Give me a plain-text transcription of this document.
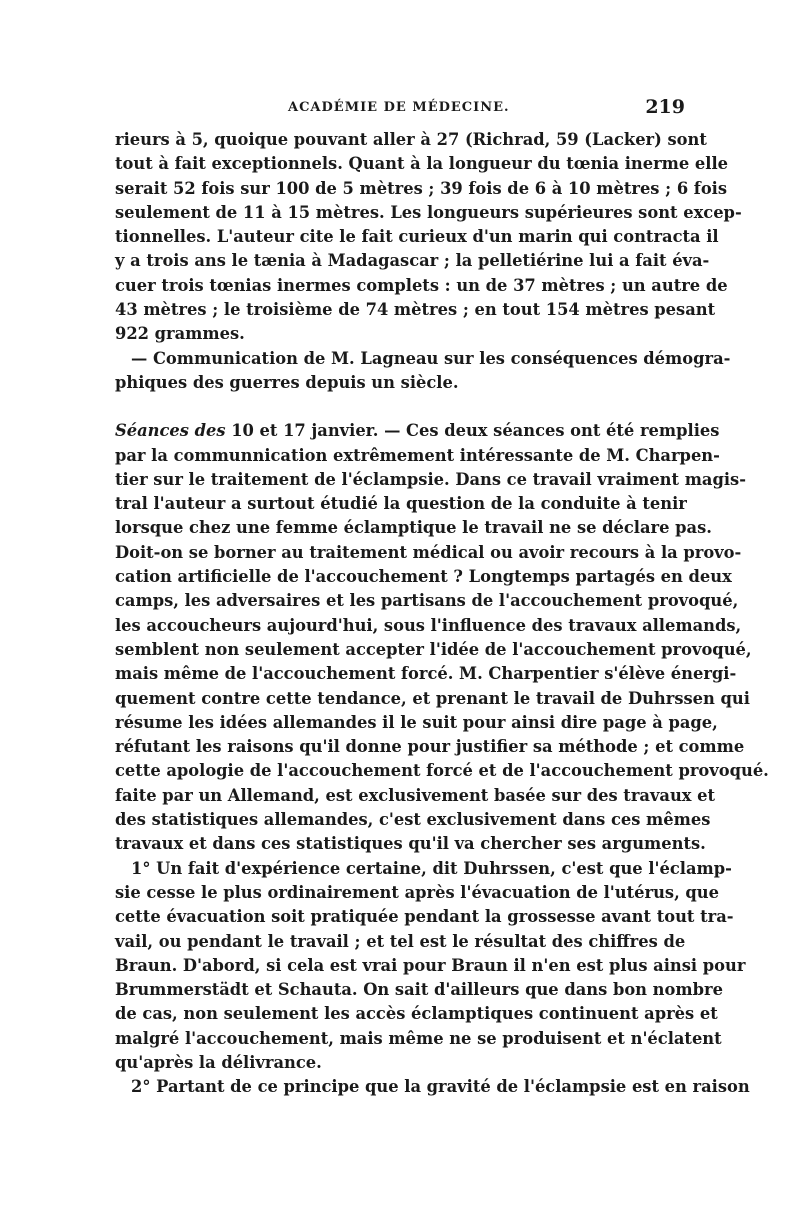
ACADÉMIE DE MÉDECINE.	219
rieurs à 5, quoique pouvant aller à 27 (Richrad, 59 (Lacker) sont
tout à fait exceptionnels. Quant à la longueur du tœnia inerme elle
serait 52 fois sur 100 de 5 mètres ; 39 fois de 6 à 10 mètres ; 6 fois
seulement de 11 à 15 mètres. Les longueurs supérieures sont excep-
tionnelles. L'auteur cite le fait curieux d'un marin qui contracta il
y a trois ans le tænia à Madagascar ; la pelletiérine lui a fait éva-
cuer trois tœnias inermes complets : un de 37 mètres ; un autre de
43 mètres ; le troisième de 74 mètres ; en tout 154 mètres pesant
922 grammes.
— Communication de M. Lagneau sur les conséquences démogra-
phiques des guerres depuis un siècle.
Séances des 10 et 17 janvier. — Ces deux séances ont été remplies
par la communnication extrêmement intéressante de M. Charpen-
tier sur le traitement de l'éclampsie. Dans ce travail vraiment magis-
tral l'auteur a surtout étudié la question de la conduite à tenir
lorsque chez une femme éclamptique le travail ne se déclare pas.
Doit-on se borner au traitement médical ou avoir recours à la provo-
cation artificielle de l'accouchement ? Longtemps partagés en deux
camps, les adversaires et les partisans de l'accouchement provoqué,
les accoucheurs aujourd'hui, sous l'influence des travaux allemands,
semblent non seulement accepter l'idée de l'accouchement provoqué,
mais même de l'accouchement forcé. M. Charpentier s'élève énergi-
quement contre cette tendance, et prenant le travail de Duhrssen qui
résume les idées allemandes il le suit pour ainsi dire page à page,
réfutant les raisons qu'il donne pour justifier sa méthode ; et comme
cette apologie de l'accouchement forcé et de l'accouchement provoqué.
faite par un Allemand, est exclusivement basée sur des travaux et
des statistiques allemandes, c'est exclusivement dans ces mêmes
travaux et dans ces statistiques qu'il va chercher ses arguments.
1° Un fait d'expérience certaine, dit Duhrssen, c'est que l'éclamp-
sie cesse le plus ordinairement après l'évacuation de l'utérus, que
cette évacuation soit pratiquée pendant la grossesse avant tout tra-
vail, ou pendant le travail ; et tel est le résultat des chiffres de
Braun. D'abord, si cela est vrai pour Braun il n'en est plus ainsi pour
Brummerstädt et Schauta. On sait d'ailleurs que dans bon nombre
de cas, non seulement les accès éclamptiques continuent après et
malgré l'accouchement, mais même ne se produisent et n'éclatent
qu'après la délivrance.
2° Partant de ce principe que la gravité de l'éclampsie est en raison
